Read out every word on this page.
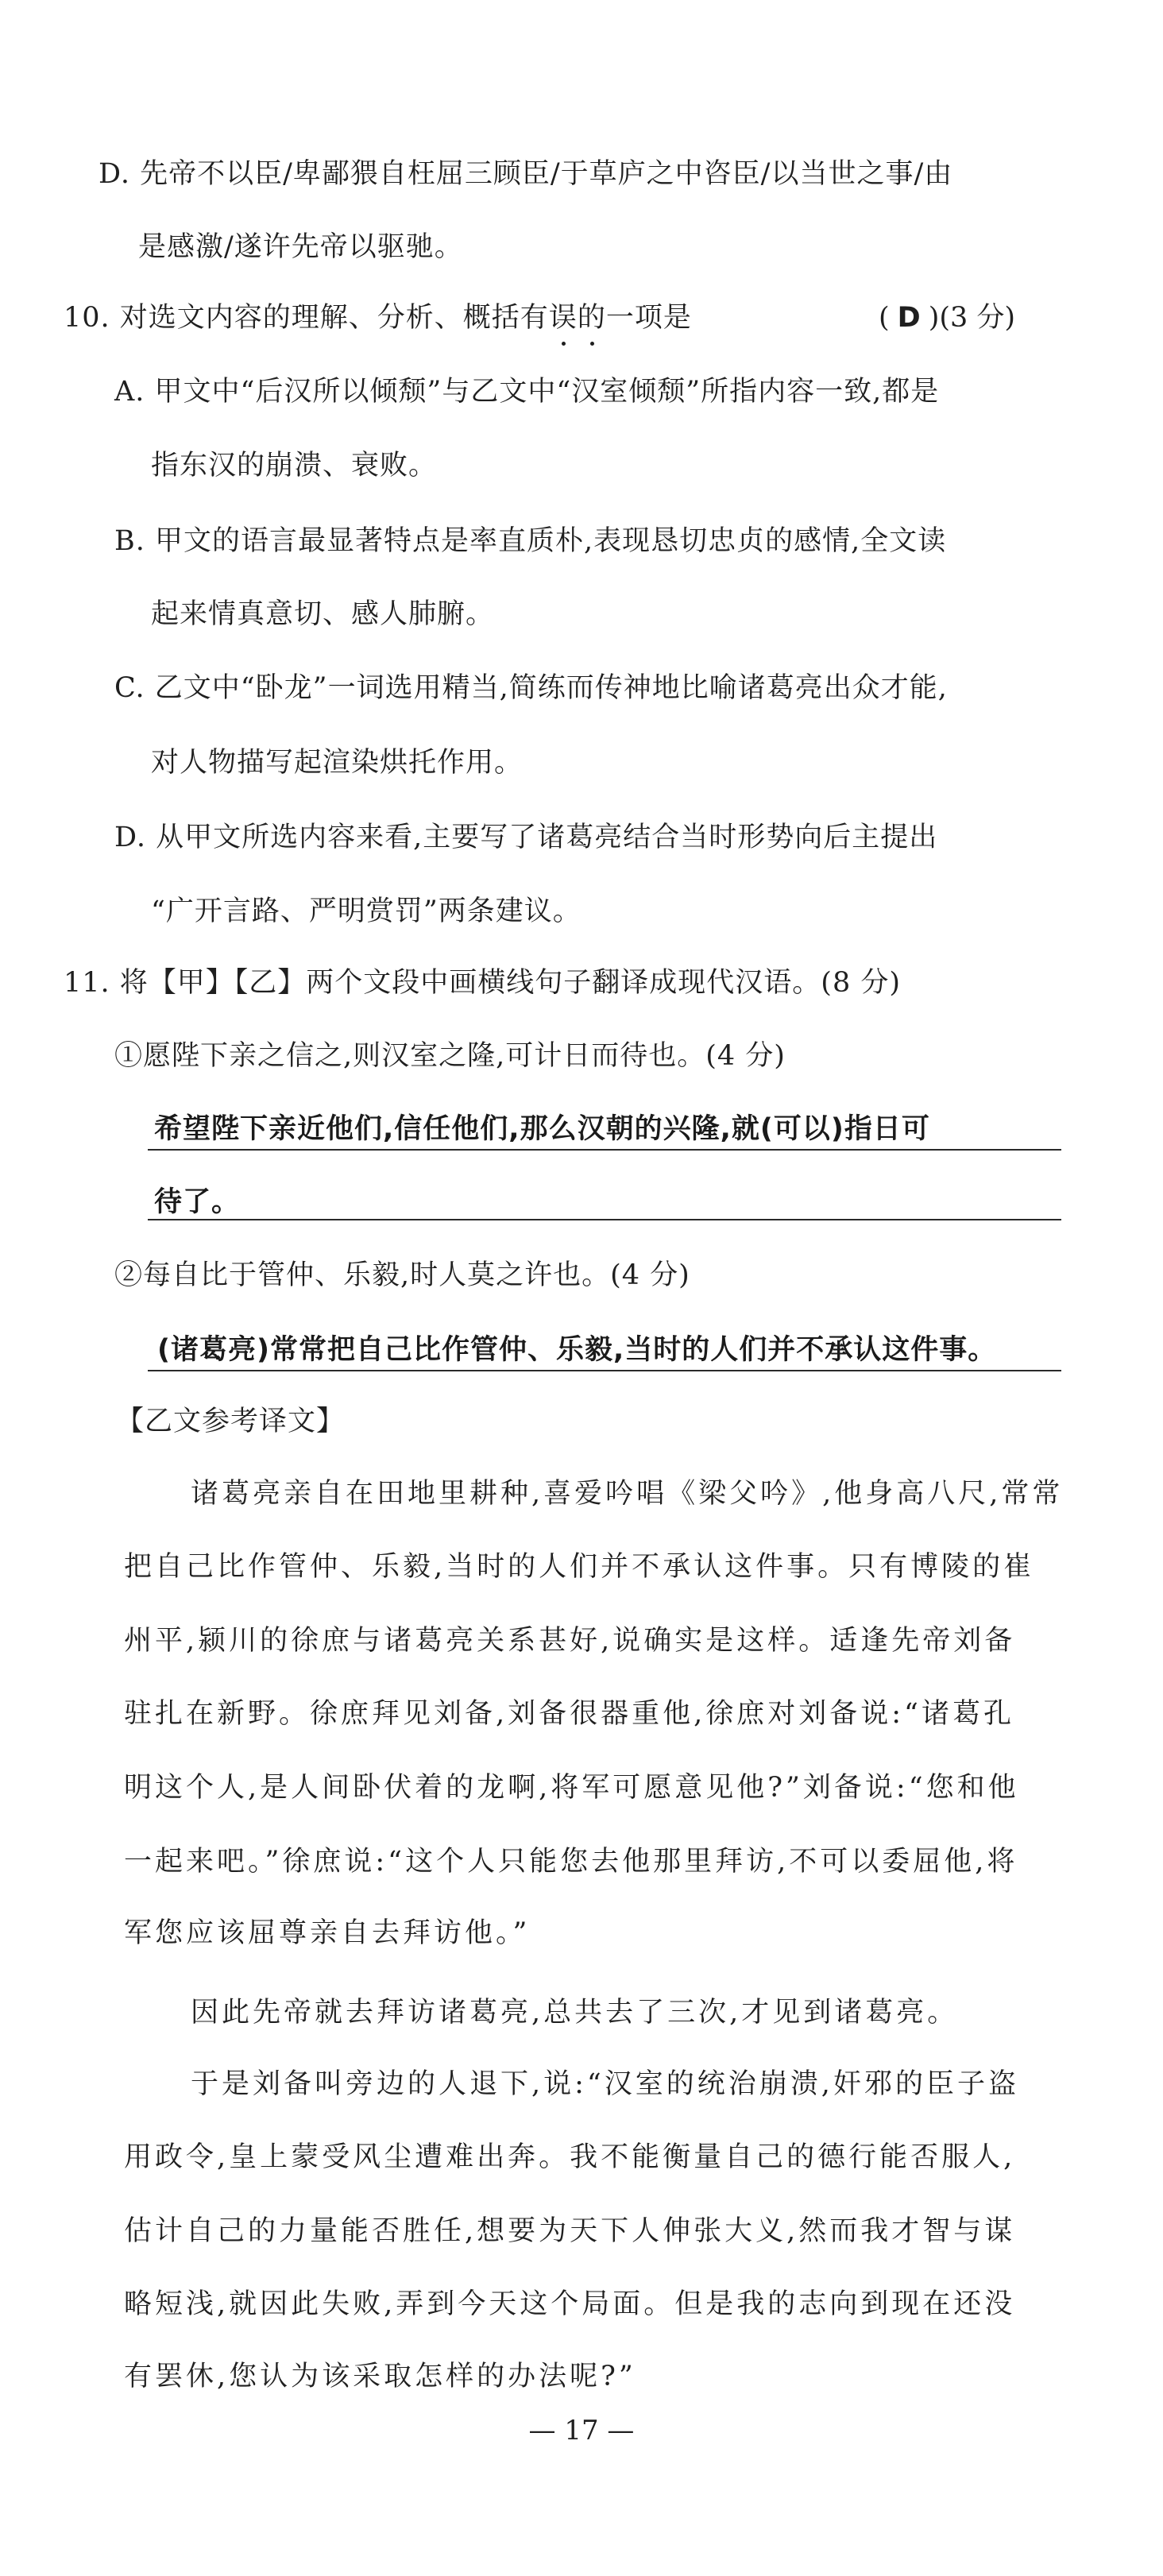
D. 先帝不以臣/卑鄙猥自枉屈三顾臣/于草庐之中咨臣/以当世之事/由
是感激/遂许先帝以驱驰。
10. 对选文内容的理解、分析、概括有误的一项是	( D )(3 分)
A. 甲文中“后汉所以倾颓”与乙文中“汉室倾颓”所指内容一致,都是
指东汉的崩溃、衰败。
B. 甲文的语言最显著特点是率直质朴,表现恳切忠贞的感情,全文读
起来情真意切、感人肺腑。
C. 乙文中“卧龙”一词选用精当,简练而传神地比喻诸葛亮出众才能,
对人物描写起渲染烘托作用。
D. 从甲文所选内容来看,主要写了诸葛亮结合当时形势向后主提出
“广开言路、严明赏罚”两条建议。
11. 将【甲】【乙】两个文段中画横线句子翻译成现代汉语。(8 分)
①愿陛下亲之信之,则汉室之隆,可计日而待也。(4 分)
希望陛下亲近他们,信任他们,那么汉朝的兴隆,就(可以)指日可
待了。
②每自比于管仲、乐毅,时人莫之许也。(4 分)
(诸葛亮)常常把自己比作管仲、乐毅,当时的人们并不承认这件事。
【乙文参考译文】
诸葛亮亲自在田地里耕种,喜爱吟唱《梁父吟》,他身高八尺,常常
把自己比作管仲、乐毅,当时的人们并不承认这件事。只有博陵的崔
州平,颍川的徐庶与诸葛亮关系甚好,说确实是这样。适逢先帝刘备
驻扎在新野。徐庶拜见刘备,刘备很器重他,徐庶对刘备说:“诸葛孔
明这个人,是人间卧伏着的龙啊,将军可愿意见他?”刘备说:“您和他
一起来吧。”徐庶说:“这个人只能您去他那里拜访,不可以委屈他,将
军您应该屈尊亲自去拜访他。”
因此先帝就去拜访诸葛亮,总共去了三次,才见到诸葛亮。
于是刘备叫旁边的人退下,说:“汉室的统治崩溃,奸邪的臣子盗
用政令,皇上蒙受风尘遭难出奔。我不能衡量自己的德行能否服人,
估计自己的力量能否胜任,想要为天下人伸张大义,然而我才智与谋
略短浅,就因此失败,弄到今天这个局面。但是我的志向到现在还没
有罢休,您认为该采取怎样的办法呢?”
— 17 —
